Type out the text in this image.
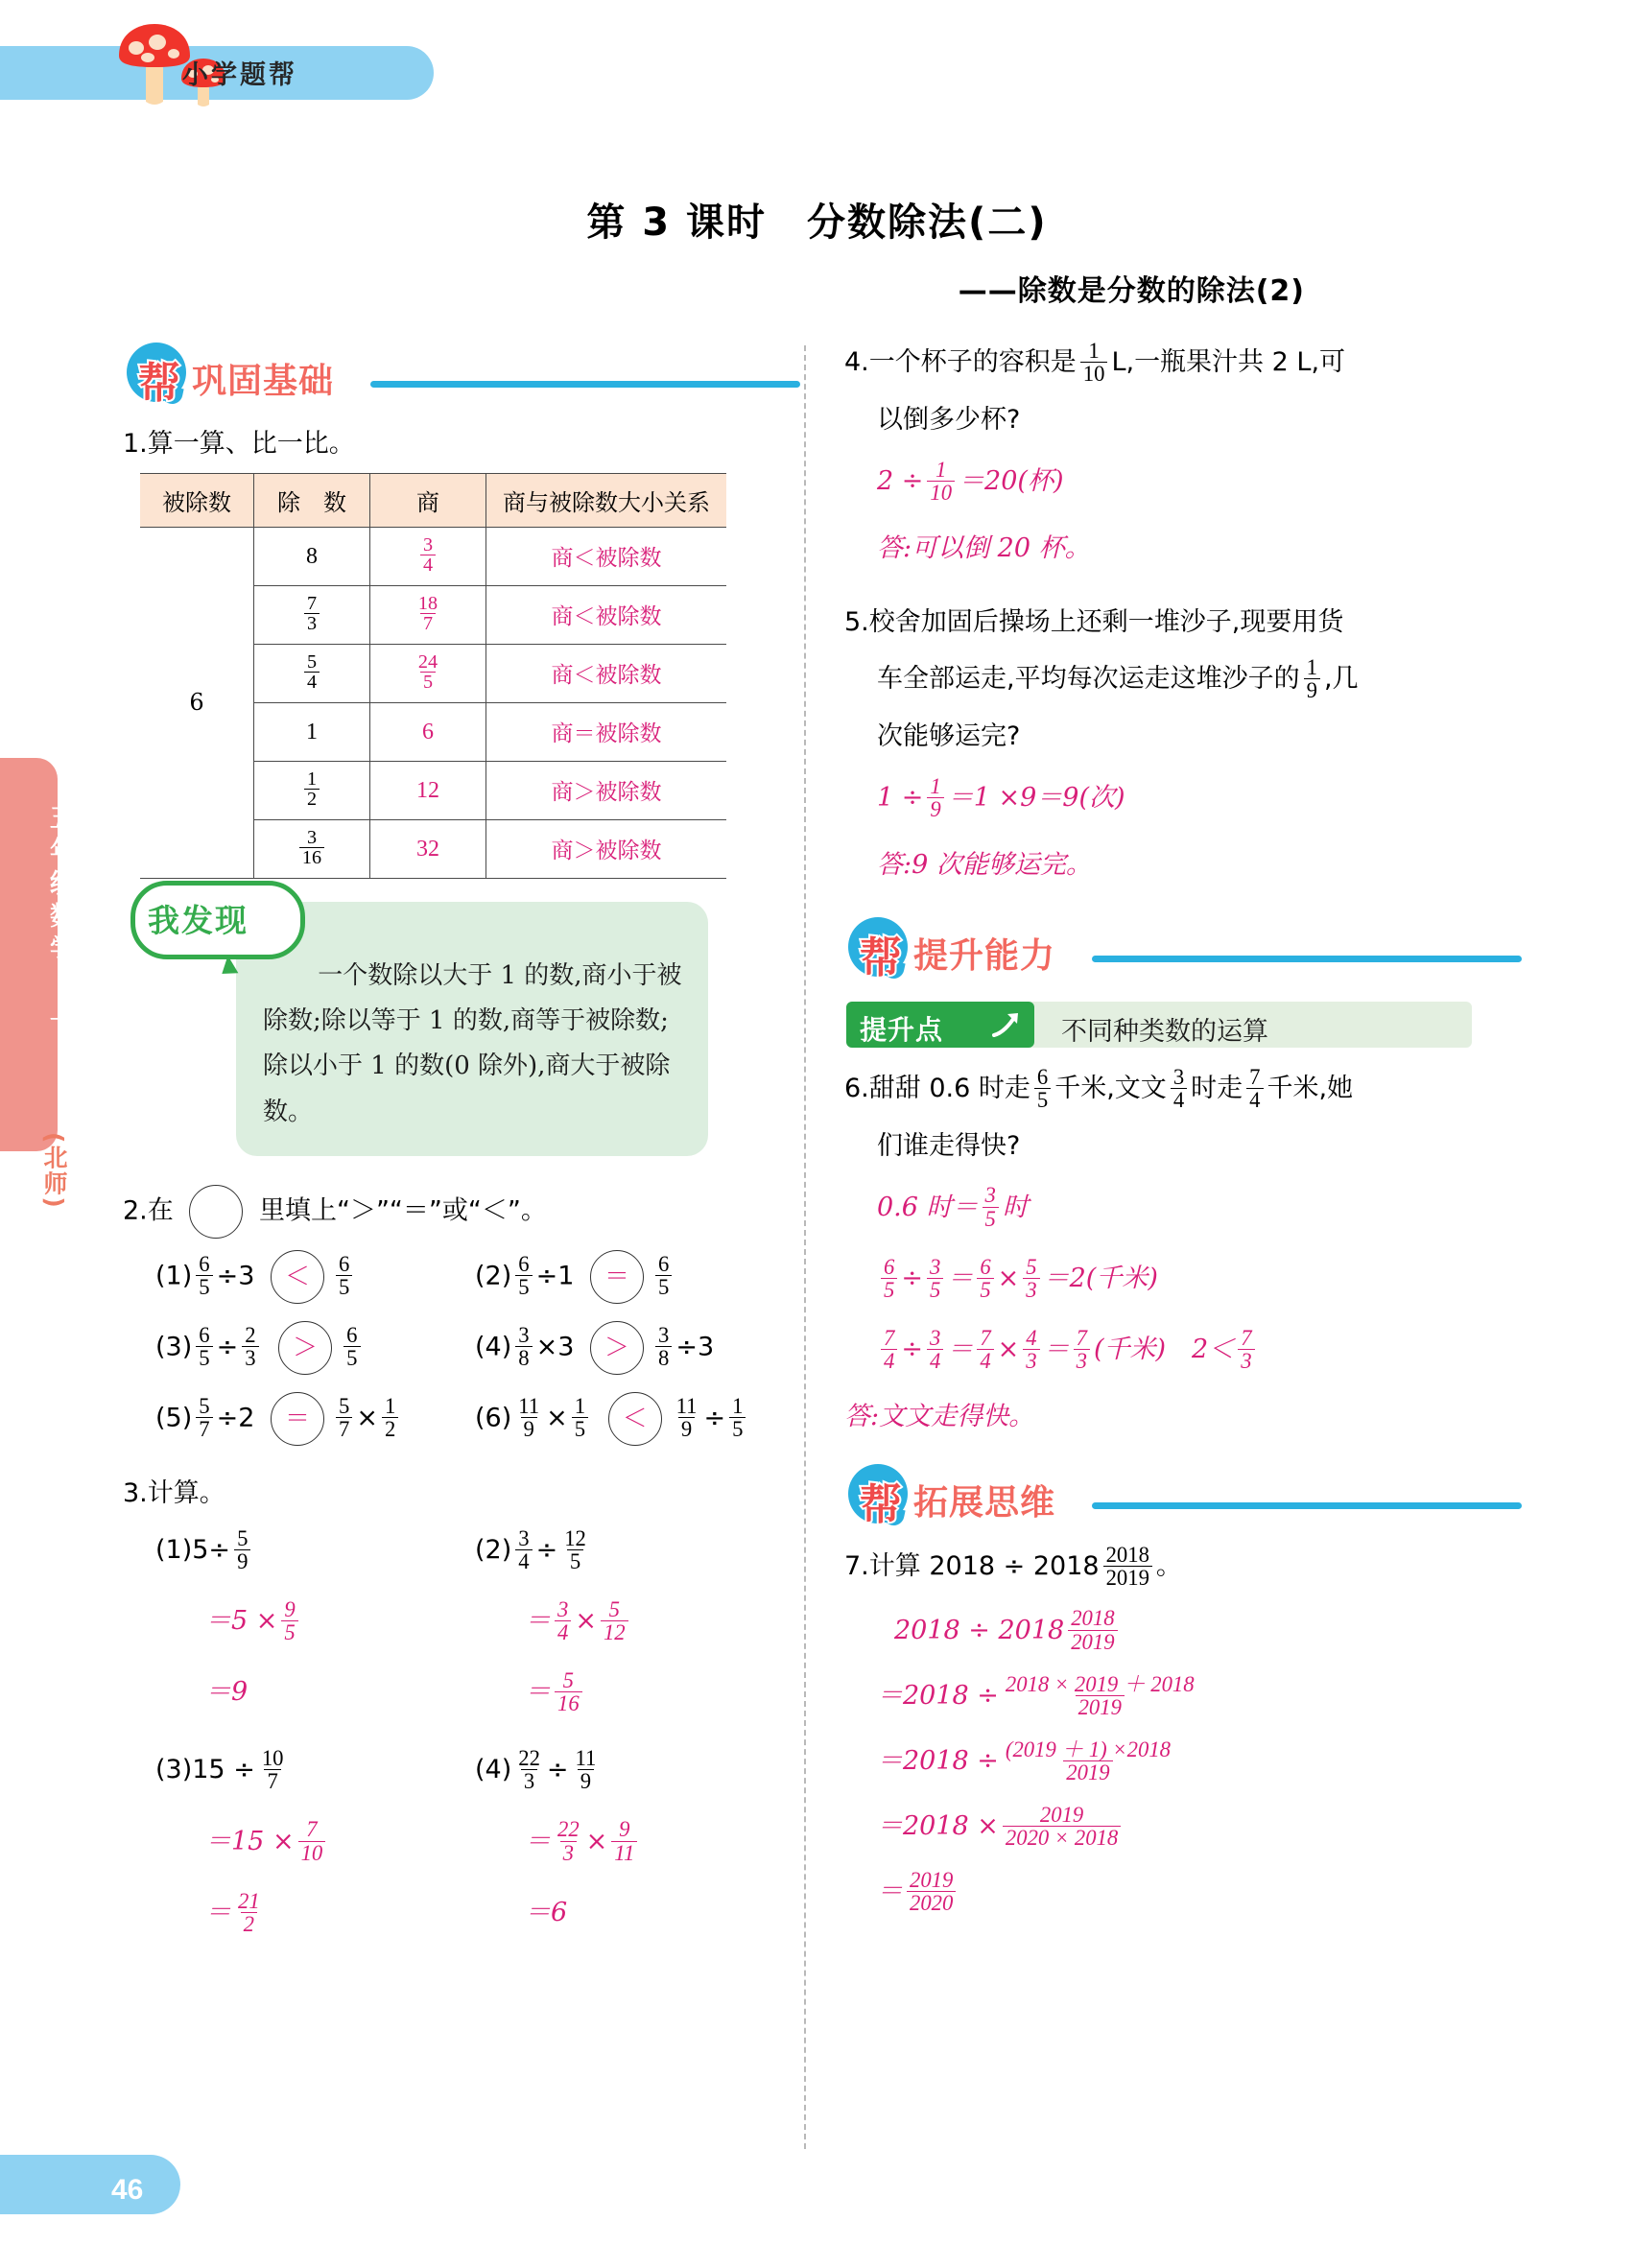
小学题帮
五年级数学 · 下
(北师)
46
第 3 课时　分数除法(二)
——除数是分数的除法(2)
帮 巩固基础
1.算一算、比一比。
被除数	除　数	商	商与被除数大小关系
6	8	$\frac{3}{4}$	商＜被除数

	$\frac{7}{3}$	$\frac{18}{7}$	商＜被除数

	$\frac{5}{4}$	$\frac{24}{5}$	商＜被除数
	1	6	商＝被除数

	$\frac{1}{2}$	12	商＞被除数

	$\frac{3}{16}$	32	商＞被除数
我发现
一个数除以大于 1 的数,商小于被除数;除以等于 1 的数,商等于被除数;除以小于 1 的数(0 除外),商大于被除数。
2.在	里填上“＞”“＝”或“＜”。
$(1) \frac{6}{5} \div 3 < \frac{6}{5}$	$(2) \frac{6}{5} \div 1 = \frac{6}{5}$
$(3) \frac{6}{5} \div \frac{2}{3} > \frac{6}{5}$	$(4) \frac{3}{8} \times 3 > \frac{3}{8} \div 3$
$(5) \frac{5}{7} \div 2 = \frac{5}{7} \times \frac{1}{2}$	$(6) \frac{11}{9} \times \frac{1}{5} < \frac{11}{9} \div \frac{1}{5}$
3.计算。
$(1)5\div \frac{5}{9}$
$=5 \times \frac{9}{5}$
＝9
$(2) \frac{3}{4} \div \frac{12}{5}$
＝ $\frac{3}{4} \times \frac{5}{12}$
＝ $\frac{5}{16}$
$(3)15 \div \frac{10}{7}$
$=15 \times \frac{7}{10}$
＝ $\frac{21}{2}$
$(4) \frac{22}{3} \div \frac{11}{9}$
＝ $\frac{22}{3} \times \frac{9}{11}$
＝6
4.一个杯子的容积是 $\frac{1}{10} L$,一瓶果汁共 2 L,可
以倒多少杯?
$2 \div \frac{1}{10} =20$(杯)
答:可以倒 20 杯。
5.校舍加固后操场上还剩一堆沙子,现要用货
车全部运走,平均每次运走这堆沙子的 $\frac{1}{9}$ ,几
次能够运完?
$1 \div \frac{1}{9} =1 \times 9=9$(次)
答:9 次能够运完。
帮 提升能力
提升点	不同种类数的运算
6.甜甜 0.6 时走 $\frac{6}{5}$ 千米,文文 $\frac{3}{4}$ 时走 $\frac{7}{4}$ 千米,她
们谁走得快?
0.6 时＝ $\frac{3}{5}$ 时
$\frac{6}{5} \div \frac{3}{5} = \frac{6}{5} \times \frac{5}{3} =2$(千米)
$\frac{7}{4} \div \frac{3}{4} = \frac{7}{4} \times \frac{4}{3} = \frac{7}{3}$ (千米)　$2< \frac{7}{3}$
答:文文走得快。
帮 拓展思维
7.计算 $2018 \div 2018 \frac{2018}{2019}$ 。
$2018 \div 2018 \frac{2018}{2019}$
$=2018 \div \frac{2018 \times 2019 + 2018}{2019}$
$=2018 \div \frac{(2019 + 1) \times 2018}{2019}$
$=2018 \times \frac{2019}{2020 \times 2018}$
＝ $\frac{2019}{2020}$
